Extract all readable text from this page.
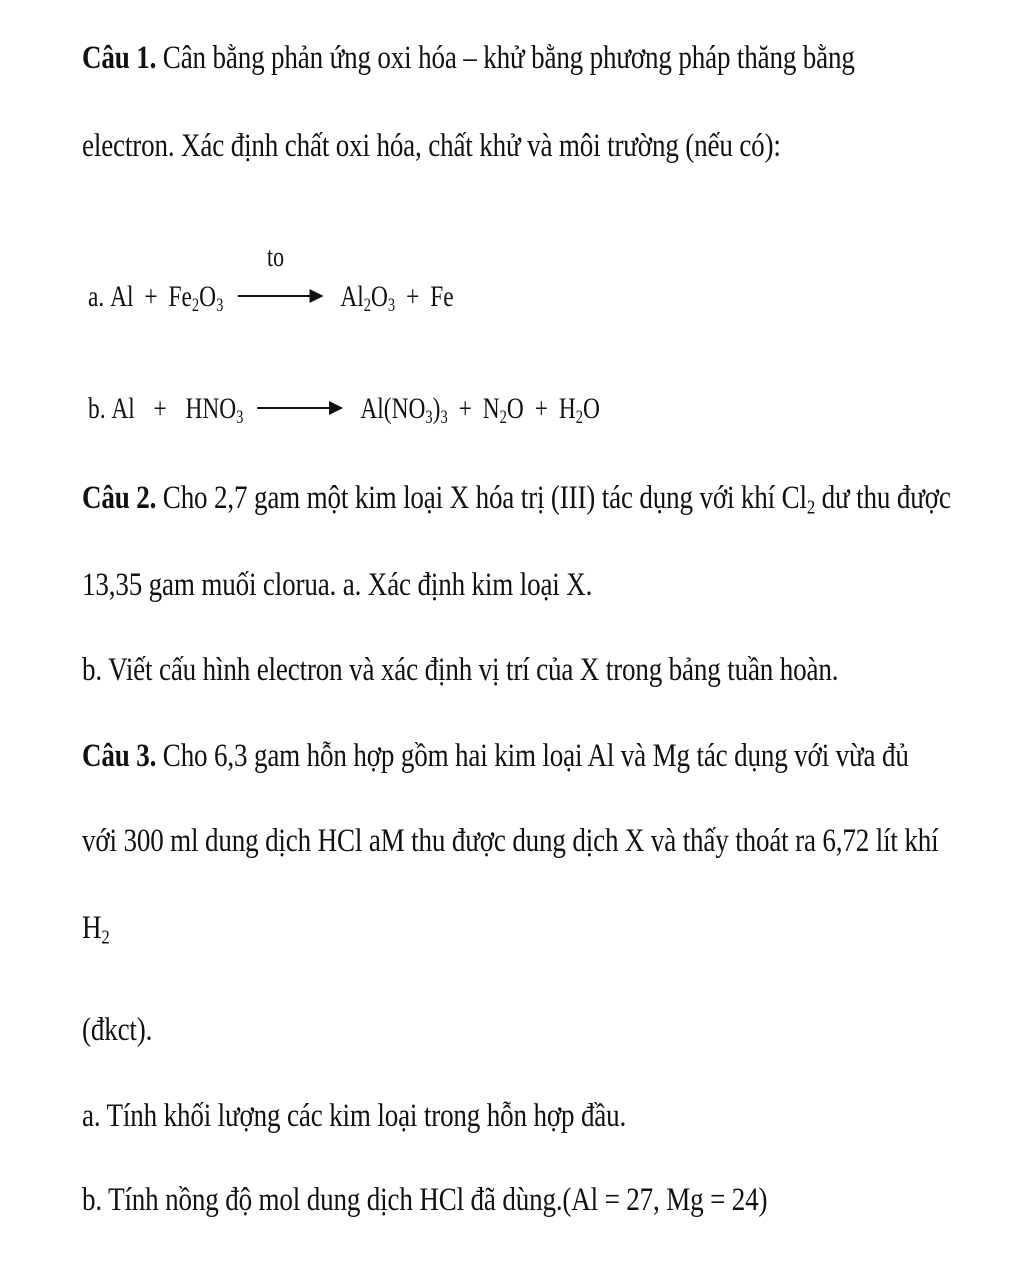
Câu 1. Cân bằng phản ứng oxi hóa – khử bằng phương pháp thăng bằng
electron. Xác định chất oxi hóa, chất khử và môi trường (nếu có):
a.
$Al + Fe_2O_3$
to
$Al_2O_3 + Fe$
b.
$Al + HNO_3$	$Al(NO_3)_3 + N_2O + H_2O$
Câu 2. Cho 2,7 gam một kim loại X hóa trị (III) tác dụng với khí $Cl_2$ dư thu được
13,35 gam muối clorua. a. Xác định kim loại X.
b. Viết cấu hình electron và xác định vị trí của X trong bảng tuần hoàn.
Câu 3. Cho 6,3 gam hỗn hợp gồm hai kim loại Al và Mg tác dụng với vừa đủ
với 300 ml dung dịch HCl aM thu được dung dịch X và thấy thoát ra 6,72 lít khí
$H_2$
(đkct).
a. Tính khối lượng các kim loại trong hỗn hợp đầu.
b. Tính nồng độ mol dung dịch HCl đã dùng.(Al = 27, Mg = 24)
